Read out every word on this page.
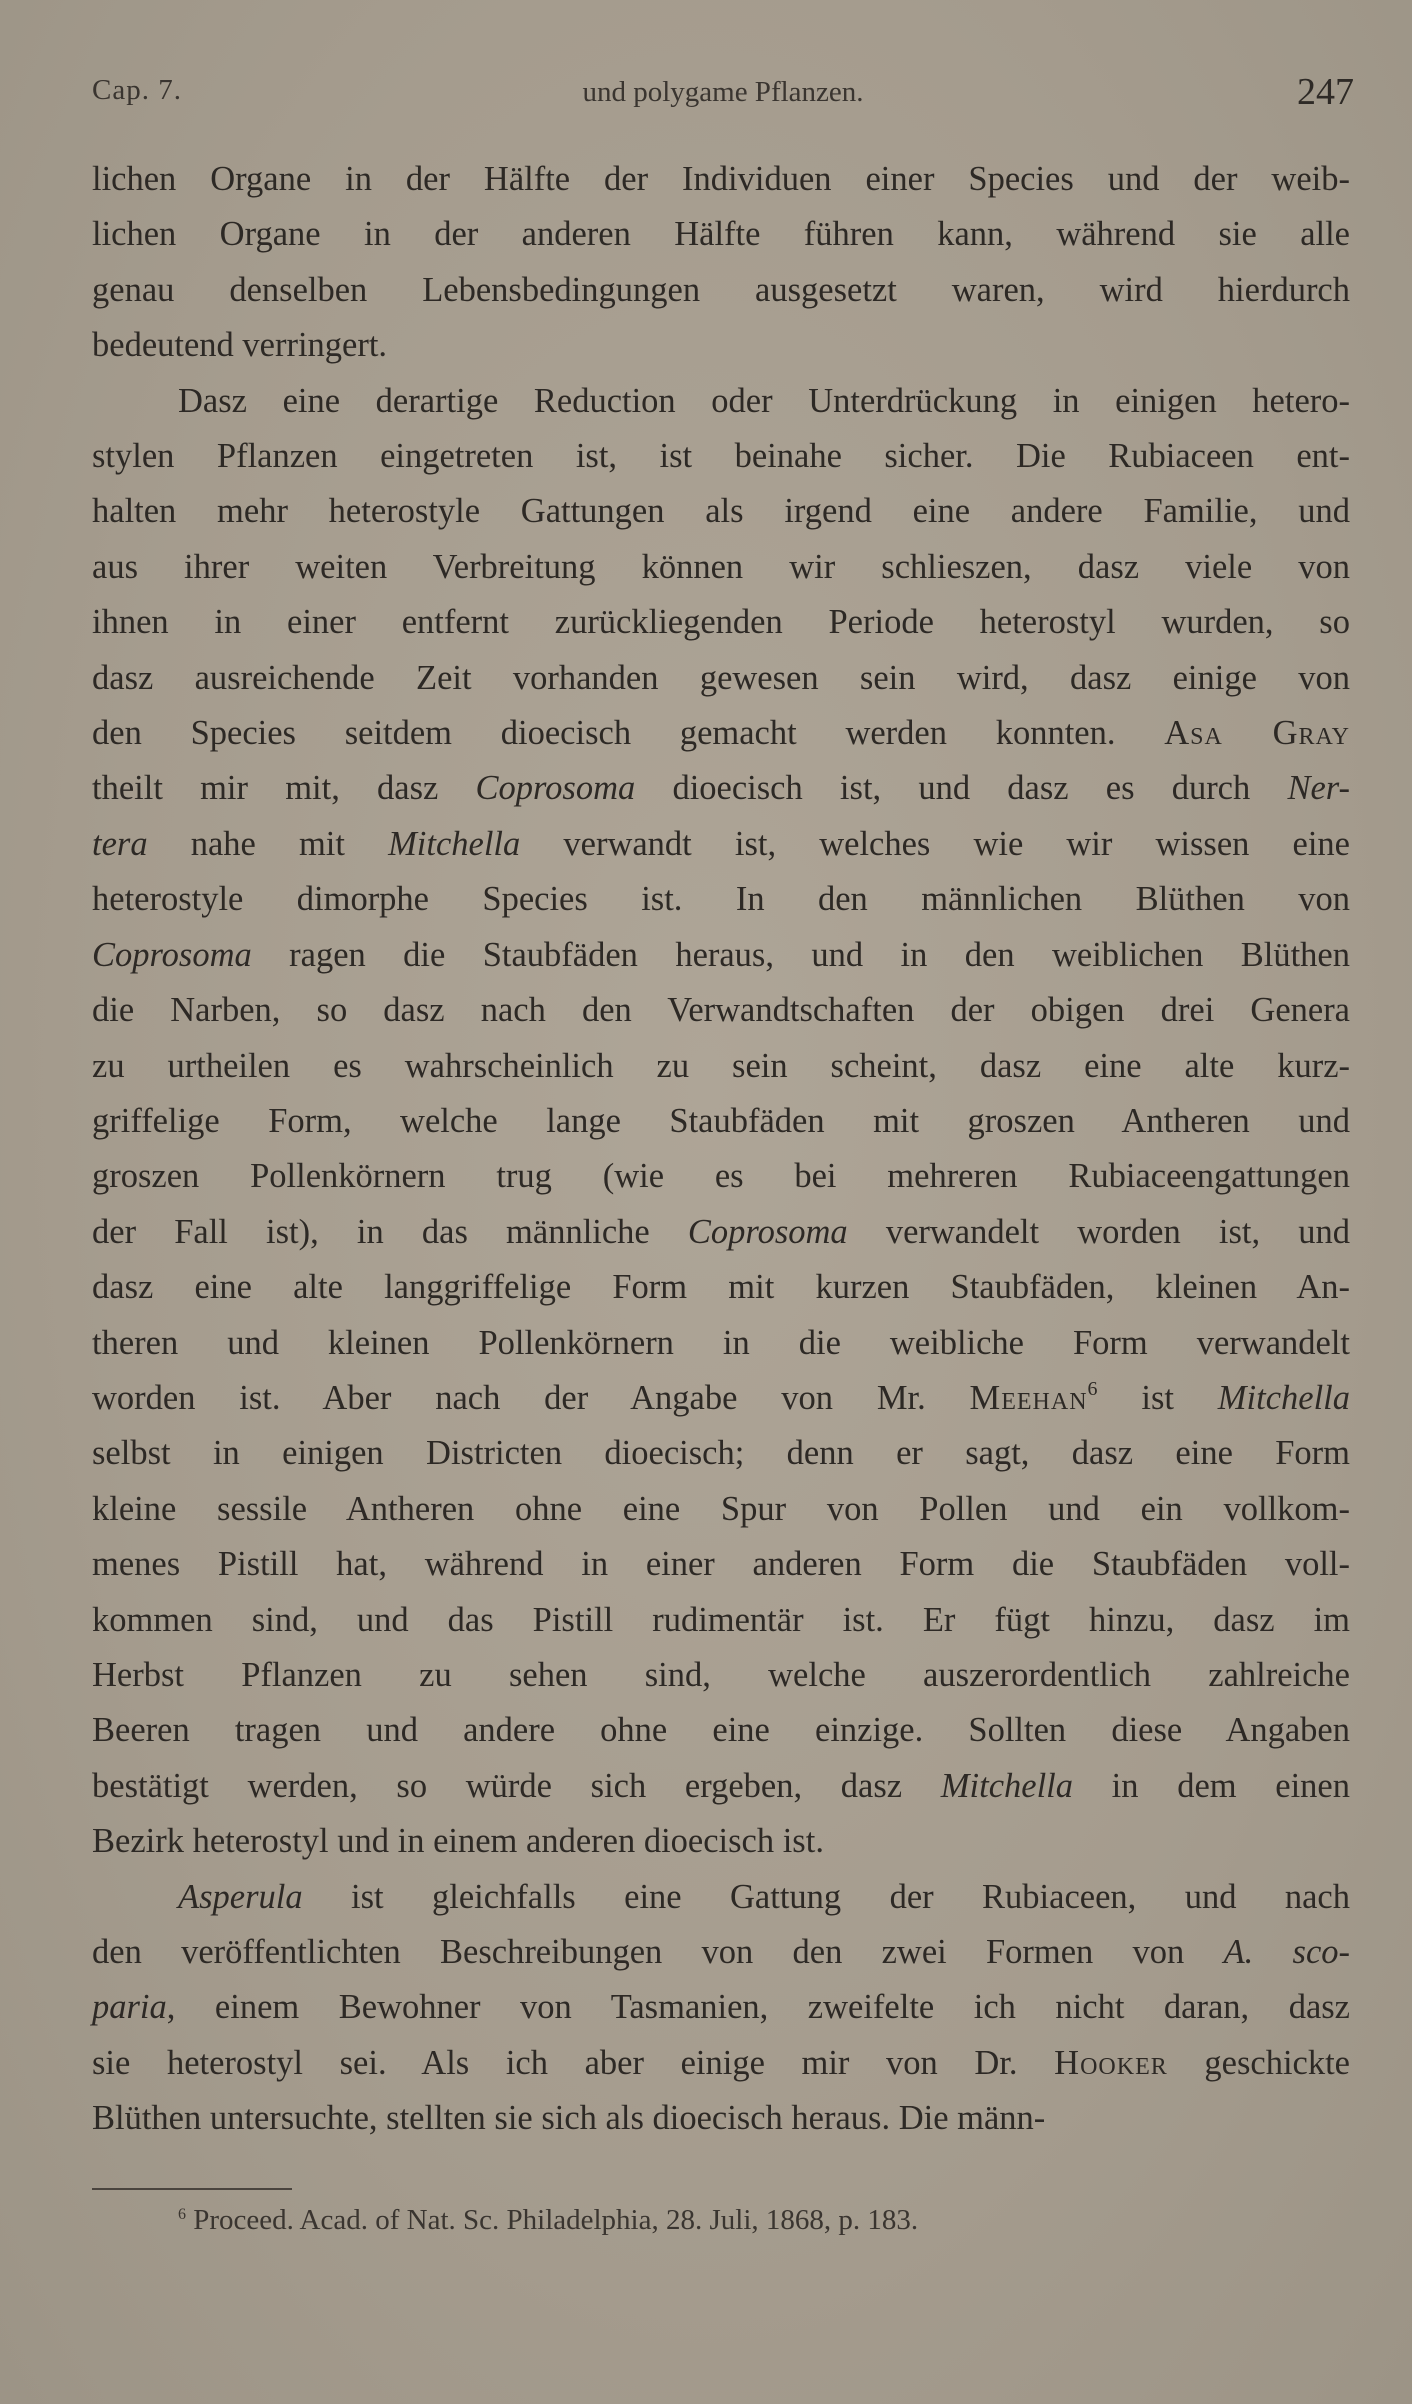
Cap. 7.	und polygame Pflanzen.	247

lichen Organe in der Hälfte der Individuen einer Species und der weib-
lichen Organe in der anderen Hälfte führen kann, während sie alle
genau denselben Lebensbedingungen ausgesetzt waren, wird hierdurch
bedeutend verringert.

Dasz eine derartige Reduction oder Unterdrückung in einigen hetero-
stylen Pflanzen eingetreten ist, ist beinahe sicher. Die Rubiaceen ent-
halten mehr heterostyle Gattungen als irgend eine andere Familie, und
aus ihrer weiten Verbreitung können wir schlieszen, dasz viele von
ihnen in einer entfernt zurückliegenden Periode heterostyl wurden, so
dasz ausreichende Zeit vorhanden gewesen sein wird, dasz einige von
den Species seitdem dioecisch gemacht werden konnten. Asa Gray
theilt mir mit, dasz Coprosoma dioecisch ist, und dasz es durch Ner-
tera nahe mit Mitchella verwandt ist, welches wie wir wissen eine
heterostyle dimorphe Species ist. In den männlichen Blüthen von
Coprosoma ragen die Staubfäden heraus, und in den weiblichen Blüthen
die Narben, so dasz nach den Verwandtschaften der obigen drei Genera
zu urtheilen es wahrscheinlich zu sein scheint, dasz eine alte kurz-
griffelige Form, welche lange Staubfäden mit groszen Antheren und
groszen Pollenkörnern trug (wie es bei mehreren Rubiaceengattungen
der Fall ist), in das männliche Coprosoma verwandelt worden ist, und
dasz eine alte langgriffelige Form mit kurzen Staubfäden, kleinen An-
theren und kleinen Pollenkörnern in die weibliche Form verwandelt
worden ist. Aber nach der Angabe von Mr. Meehan$^6$ ist Mitchella
selbst in einigen Districten dioecisch; denn er sagt, dasz eine Form
kleine sessile Antheren ohne eine Spur von Pollen und ein vollkom-
menes Pistill hat, während in einer anderen Form die Staubfäden voll-
kommen sind, und das Pistill rudimentär ist. Er fügt hinzu, dasz im
Herbst Pflanzen zu sehen sind, welche auszerordentlich zahlreiche
Beeren tragen und andere ohne eine einzige. Sollten diese Angaben
bestätigt werden, so würde sich ergeben, dasz Mitchella in dem einen
Bezirk heterostyl und in einem anderen dioecisch ist.

Asperula ist gleichfalls eine Gattung der Rubiaceen, und nach
den veröffentlichten Beschreibungen von den zwei Formen von A. sco-
paria, einem Bewohner von Tasmanien, zweifelte ich nicht daran, dasz
sie heterostyl sei. Als ich aber einige mir von Dr. Hooker geschickte
Blüthen untersuchte, stellten sie sich als dioecisch heraus. Die männ-

$^6$ Proceed. Acad. of Nat. Sc. Philadelphia, 28. Juli, 1868, p. 183.
